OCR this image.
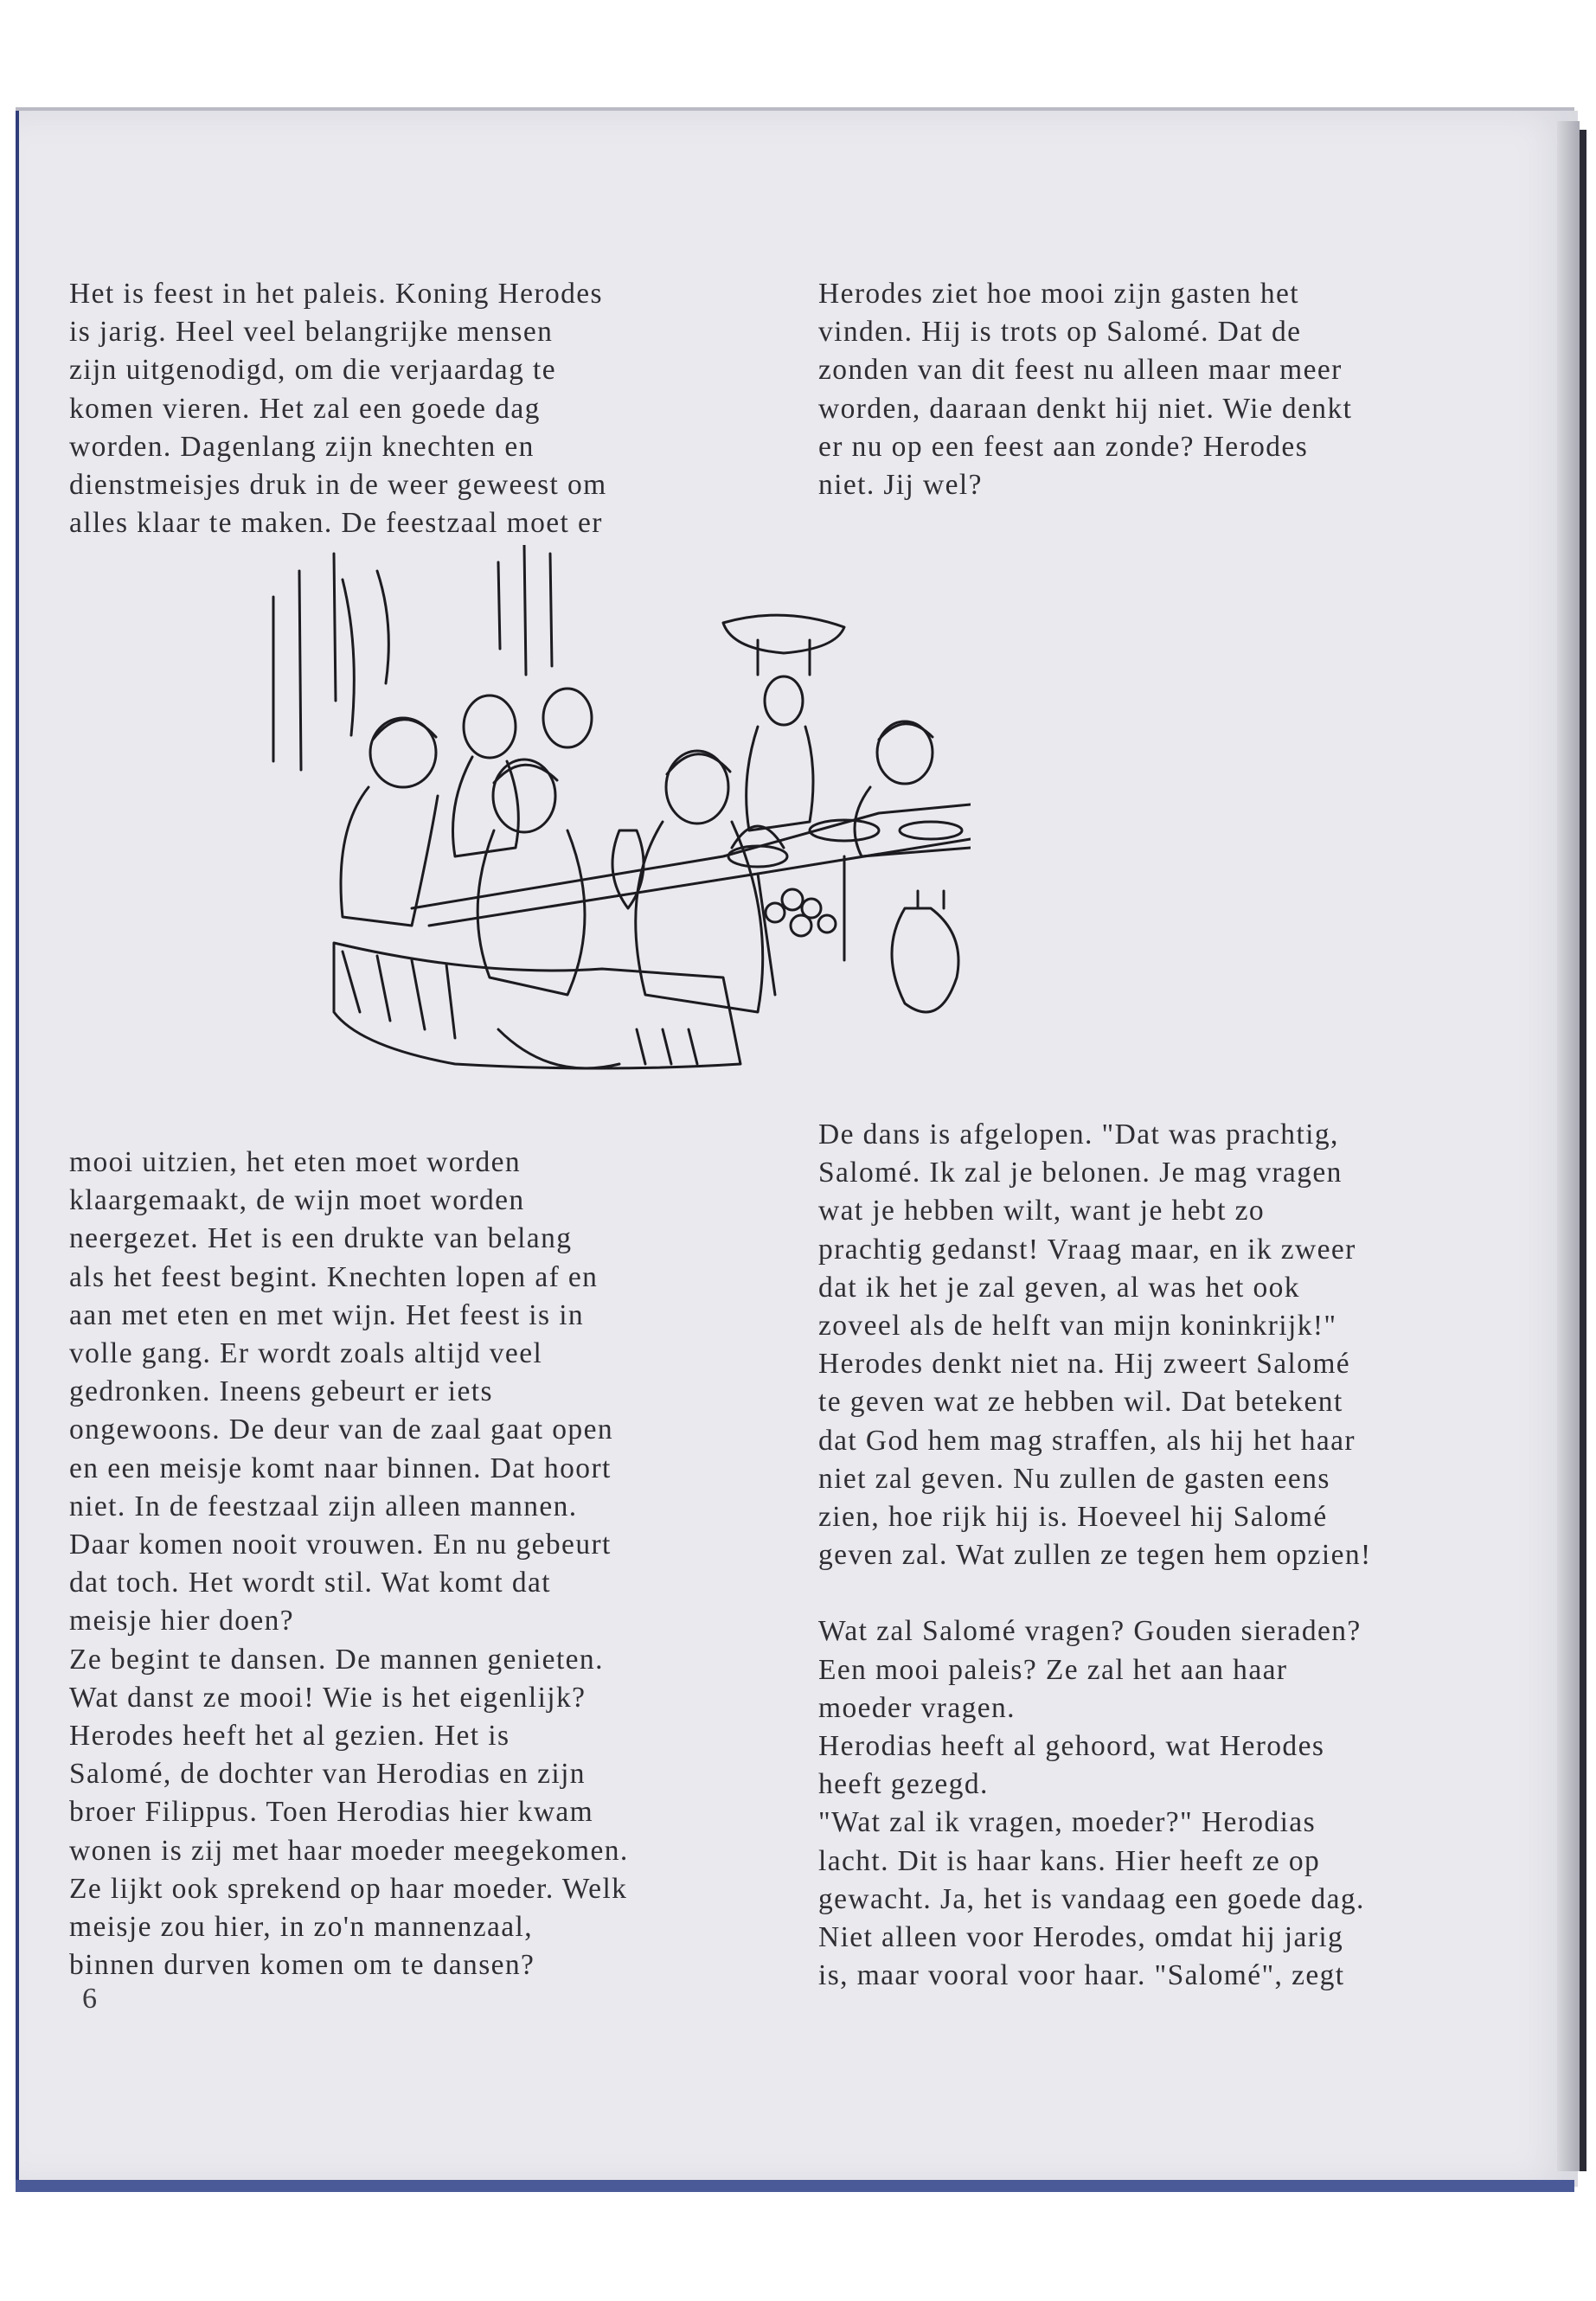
Het is feest in het paleis. Koning Herodes

is jarig. Heel veel belangrijke mensen

zijn uitgenodigd, om die verjaardag te

komen vieren. Het zal een goede dag

worden. Dagenlang zijn knechten en

dienstmeisjes druk in de weer geweest om

alles klaar te maken. De feestzaal moet er

Herodes ziet hoe mooi zijn gasten het

vinden. Hij is trots op Salomé. Dat de

zonden van dit feest nu alleen maar meer

worden, daaraan denkt hij niet. Wie denkt

er nu op een feest aan zonde? Herodes

niet. Jij wel?

mooi uitzien, het eten moet worden

klaargemaakt, de wijn moet worden

neergezet. Het is een drukte van belang

als het feest begint. Knechten lopen af en

aan met eten en met wijn. Het feest is in

volle gang. Er wordt zoals altijd veel

gedronken. Ineens gebeurt er iets

ongewoons. De deur van de zaal gaat open

en een meisje komt naar binnen. Dat hoort

niet. In de feestzaal zijn alleen mannen.

Daar komen nooit vrouwen. En nu gebeurt

dat toch. Het wordt stil. Wat komt dat

meisje hier doen?

Ze begint te dansen. De mannen genieten.

Wat danst ze mooi! Wie is het eigenlijk?

Herodes heeft het al gezien. Het is

Salomé, de dochter van Herodias en zijn

broer Filippus. Toen Herodias hier kwam

wonen is zij met haar moeder meegekomen.

Ze lijkt ook sprekend op haar moeder. Welk

meisje zou hier, in zo'n mannenzaal,

binnen durven komen om te dansen?

De dans is afgelopen. "Dat was prachtig,

Salomé. Ik zal je belonen. Je mag vragen

wat je hebben wilt, want je hebt zo

prachtig gedanst! Vraag maar, en ik zweer

dat ik het je zal geven, al was het ook

zoveel als de helft van mijn koninkrijk!"

Herodes denkt niet na. Hij zweert Salomé

te geven wat ze hebben wil. Dat betekent

dat God hem mag straffen, als hij het haar

niet zal geven. Nu zullen de gasten eens

zien, hoe rijk hij is. Hoeveel hij Salomé

geven zal. Wat zullen ze tegen hem opzien!

Wat zal Salomé vragen? Gouden sieraden?

Een mooi paleis? Ze zal het aan haar

moeder vragen.

Herodias heeft al gehoord, wat Herodes

heeft gezegd.

"Wat zal ik vragen, moeder?" Herodias

lacht. Dit is haar kans. Hier heeft ze op

gewacht. Ja, het is vandaag een goede dag.

Niet alleen voor Herodes, omdat hij jarig

is, maar vooral voor haar. "Salomé", zegt

6
